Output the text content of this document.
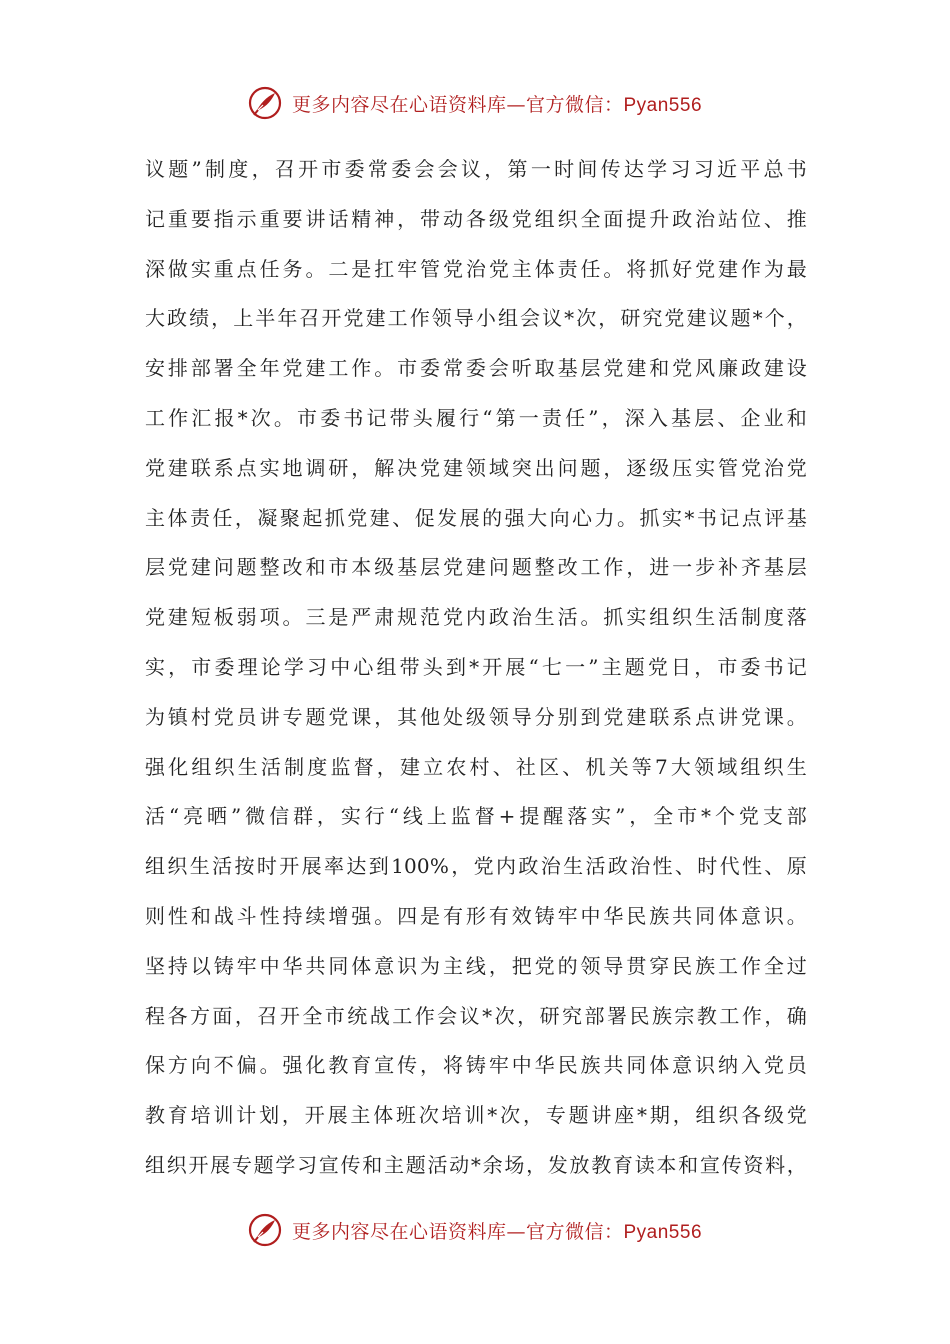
更多内容尽在心语资料库—官方微信：Pyan556
议题”制度，召开市委常委会会议，第一时间传达学习习近平总书
记重要指示重要讲话精神，带动各级党组织全面提升政治站位、推
深做实重点任务。二是扛牢管党治党主体责任。将抓好党建作为最
大政绩，上半年召开党建工作领导小组会议*次，研究党建议题*个，
安排部署全年党建工作。市委常委会听取基层党建和党风廉政建设
工作汇报*次。市委书记带头履行“第一责任”，深入基层、企业和
党建联系点实地调研，解决党建领域突出问题，逐级压实管党治党
主体责任，凝聚起抓党建、促发展的强大向心力。抓实*书记点评基
层党建问题整改和市本级基层党建问题整改工作，进一步补齐基层
党建短板弱项。三是严肃规范党内政治生活。抓实组织生活制度落
实，市委理论学习中心组带头到*开展“七一”主题党日，市委书记
为镇村党员讲专题党课，其他处级领导分别到党建联系点讲党课。
强化组织生活制度监督，建立农村、社区、机关等7大领域组织生
活“亮晒”微信群，实行“线上监督+提醒落实”，全市*个党支部
组织生活按时开展率达到100%，党内政治生活政治性、时代性、原
则性和战斗性持续增强。四是有形有效铸牢中华民族共同体意识。
坚持以铸牢中华共同体意识为主线，把党的领导贯穿民族工作全过
程各方面，召开全市统战工作会议*次，研究部署民族宗教工作，确
保方向不偏。强化教育宣传，将铸牢中华民族共同体意识纳入党员
教育培训计划，开展主体班次培训*次，专题讲座*期，组织各级党
组织开展专题学习宣传和主题活动*余场，发放教育读本和宣传资料，
更多内容尽在心语资料库—官方微信：Pyan556
